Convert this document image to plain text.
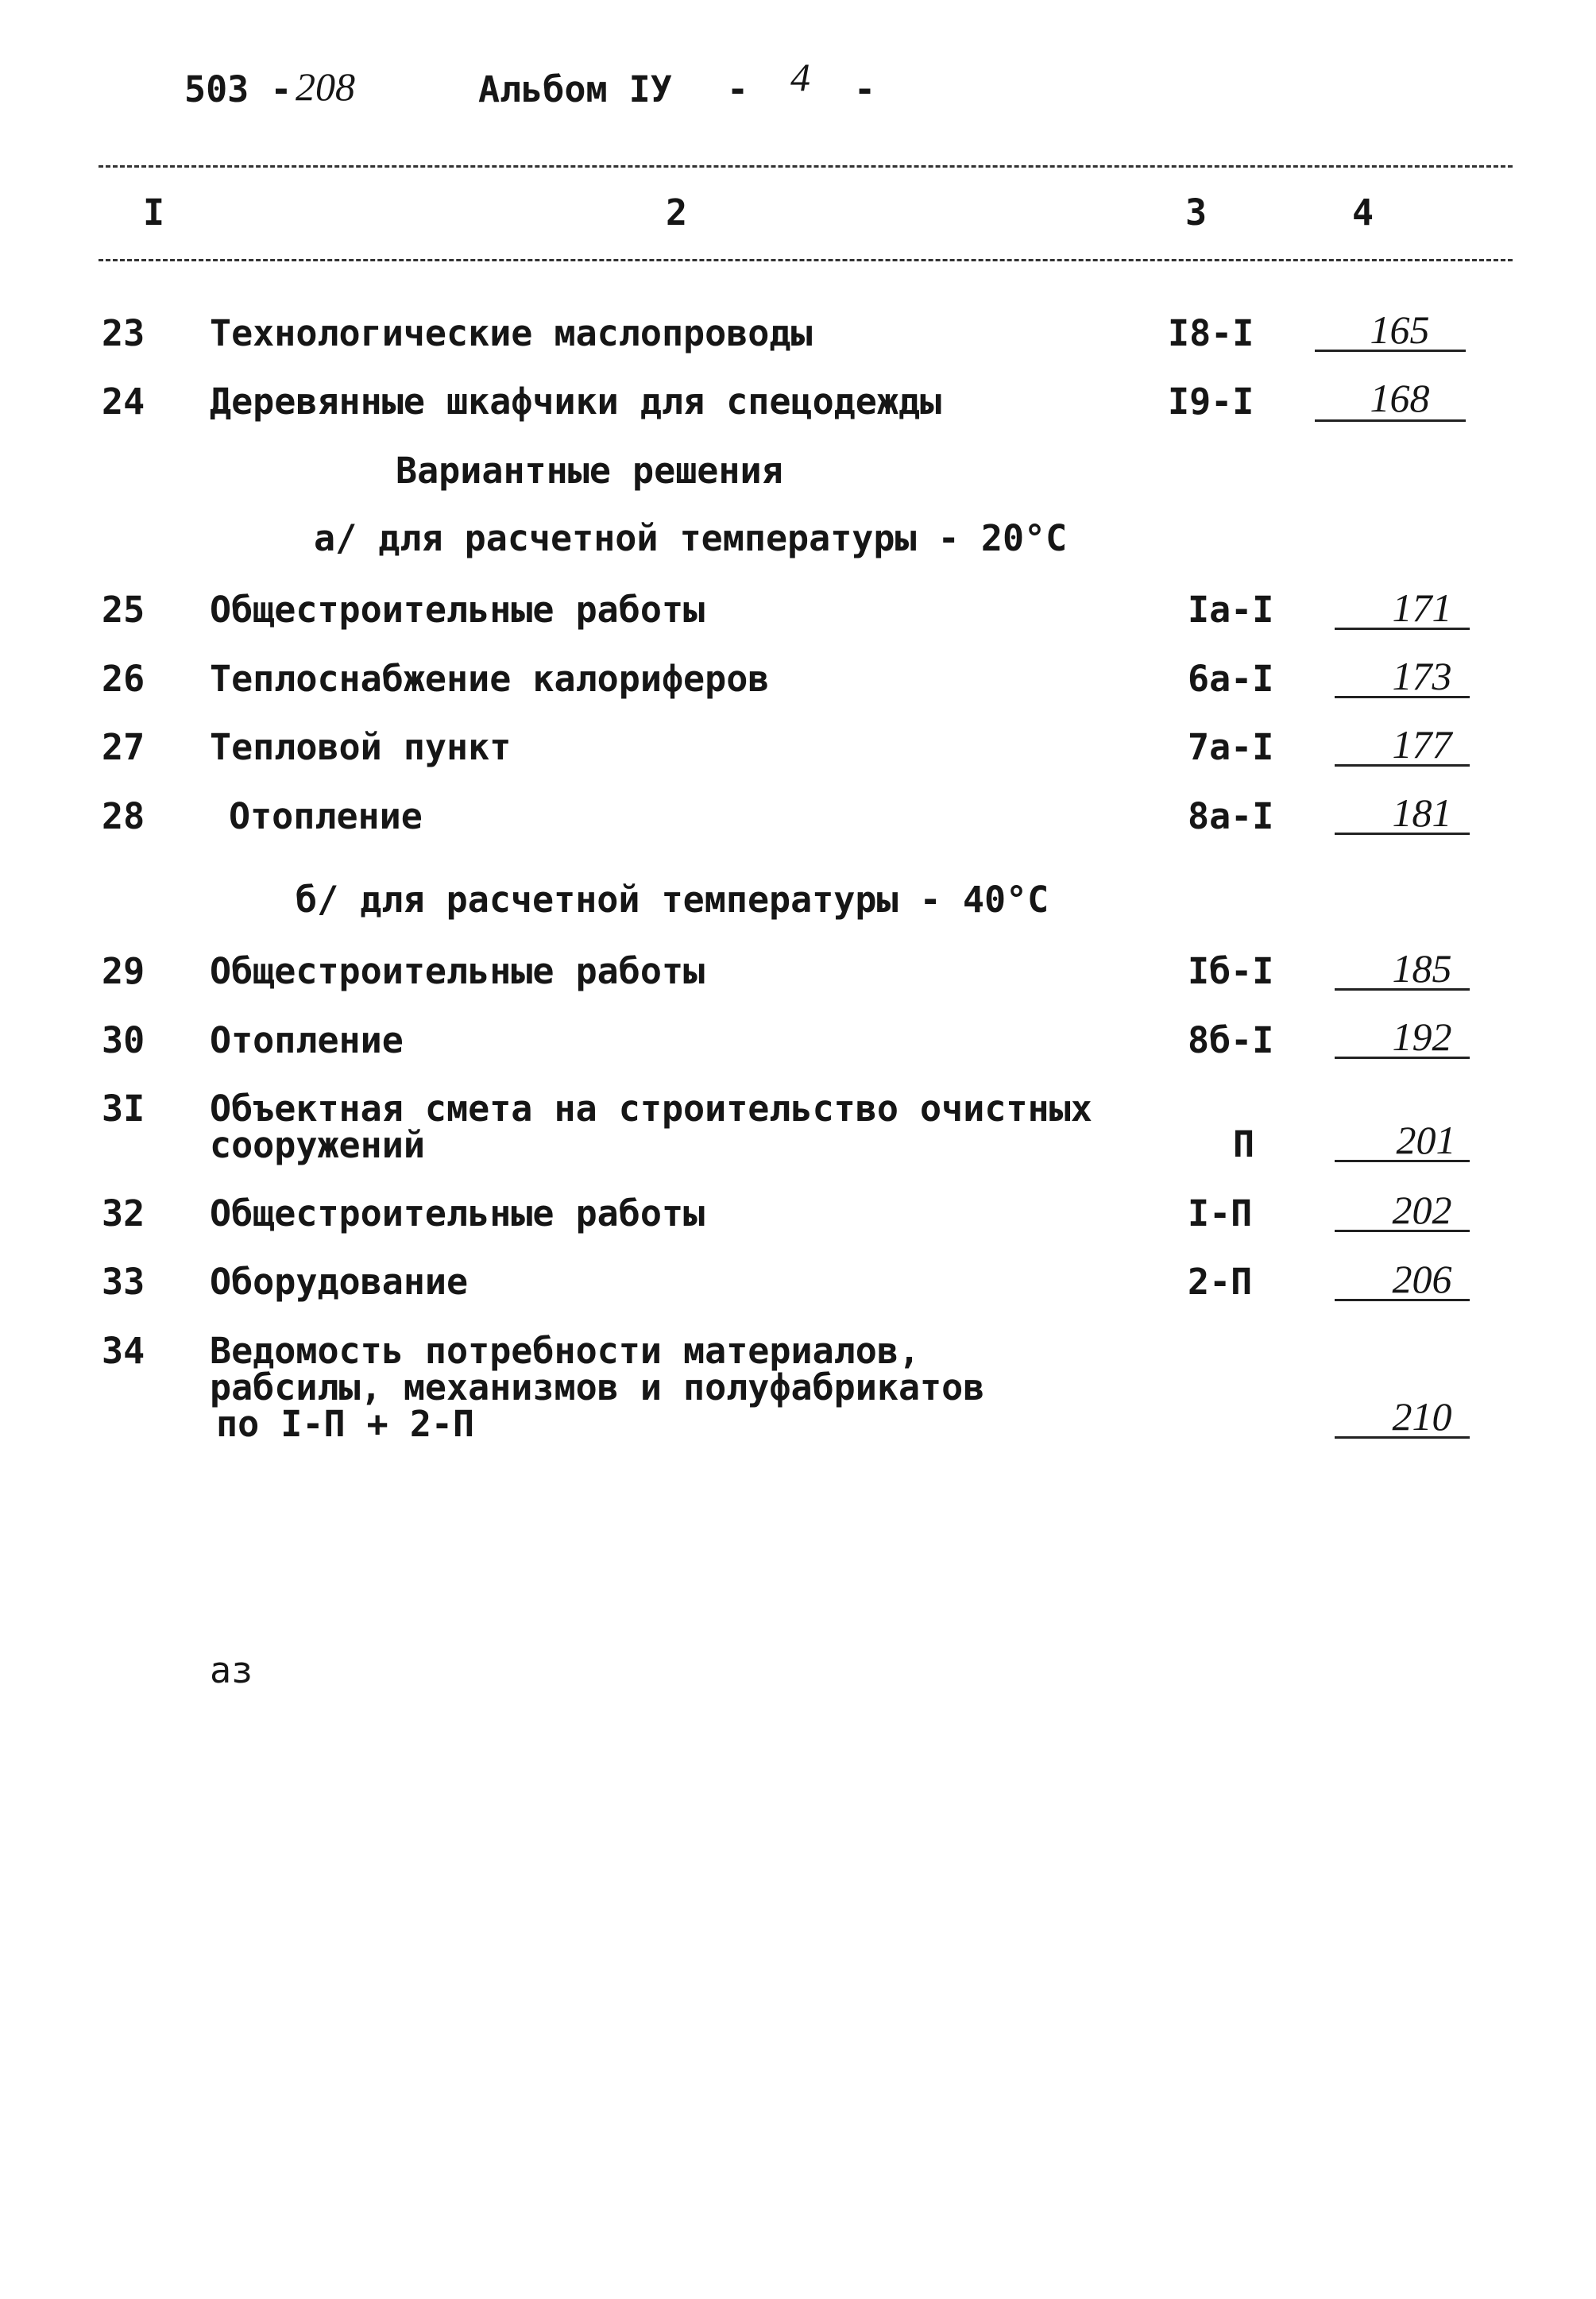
503 - 208	Альбом IУ - 4 -
I	2	3	4
23 Технологические маслопроводы	I8-I	165
24 Деревянные шкафчики для спецодежды	I9-I	168
Вариантные решения
а/ для расчетной температуры - 20°С
25 Общестроительные работы	Iа-I	171
26 Теплоснабжение калориферов	6а-I	173
27 Тепловой пункт	7а-I	177
28 Отопление	8а-I	181
б/ для расчетной температуры - 40°С
29 Общестроительные работы	Iб-I	185
30 Отопление	8б-I	192
3I Объектная смета на строительство очистных
сооружений	П	201
32 Общестроительные работы	I-П	202
33 Оборудование	2-П	206
34 Ведомость потребности материалов,
рабсилы, механизмов и полуфабрикатов
по I-П + 2-П	210
аз
